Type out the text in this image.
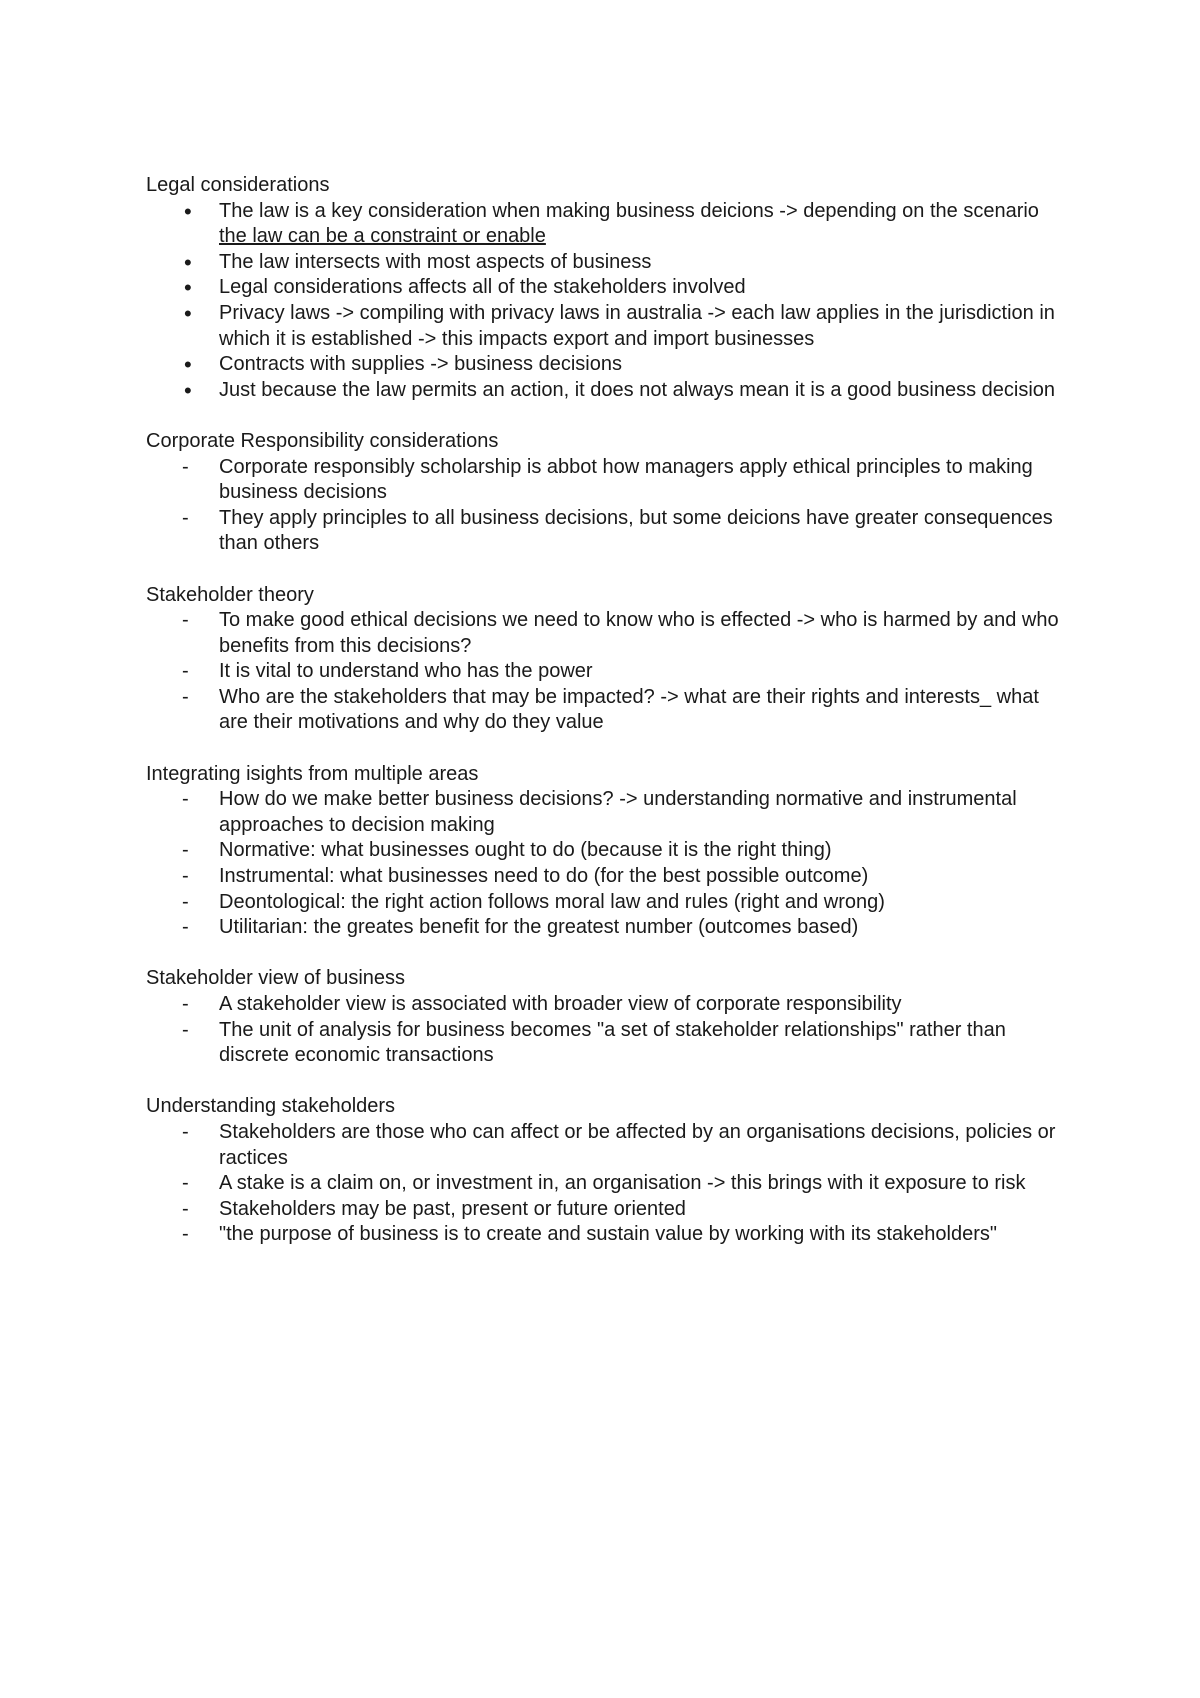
Legal considerations

•	The law is a key consideration when making business deicions -> depending on the scenario the law can be a constraint or enable
•	The law intersects with most aspects of business
•	Legal considerations affects all of the stakeholders involved
•	Privacy laws -> compiling with privacy laws in australia -> each law applies in the jurisdiction in which it is established -> this impacts export and import businesses
•	Contracts with supplies -> business decisions
•	Just because the law permits an action, it does not always mean it is a good business decision

Corporate Responsibility considerations

-	Corporate responsibly scholarship is abbot how managers apply ethical principles to making business decisions
-	They apply principles to all business decisions, but some deicions have greater consequences than others

Stakeholder theory

-	To make good ethical decisions we need to know who is effected -> who is harmed by and who benefits from this decisions?
-	It is vital to understand who has the power
-	Who are the stakeholders that may be impacted? -> what are their rights and interests_ what are their motivations and why do they value

Integrating isights from multiple areas

-	How do we make better business decisions? -> understanding normative and instrumental approaches to decision making
-	Normative: what businesses ought to do (because it is the right thing)
-	Instrumental: what businesses need to do (for the best possible outcome)
-	Deontological: the right action follows moral law and rules (right and wrong)
-	Utilitarian: the greates benefit for the greatest number (outcomes based)

Stakeholder view of business

-	A stakeholder view is associated with broader view of corporate responsibility
-	The unit of analysis for business becomes "a set of stakeholder relationships" rather than discrete economic transactions

Understanding stakeholders

-	Stakeholders are those who can affect or be affected by an organisations decisions, policies or ractices
-	A stake is a claim on, or investment in, an organisation -> this brings with it exposure to risk
-	Stakeholders may be past, present or future oriented
-	"the purpose of business is to create and sustain value by working with its stakeholders"
